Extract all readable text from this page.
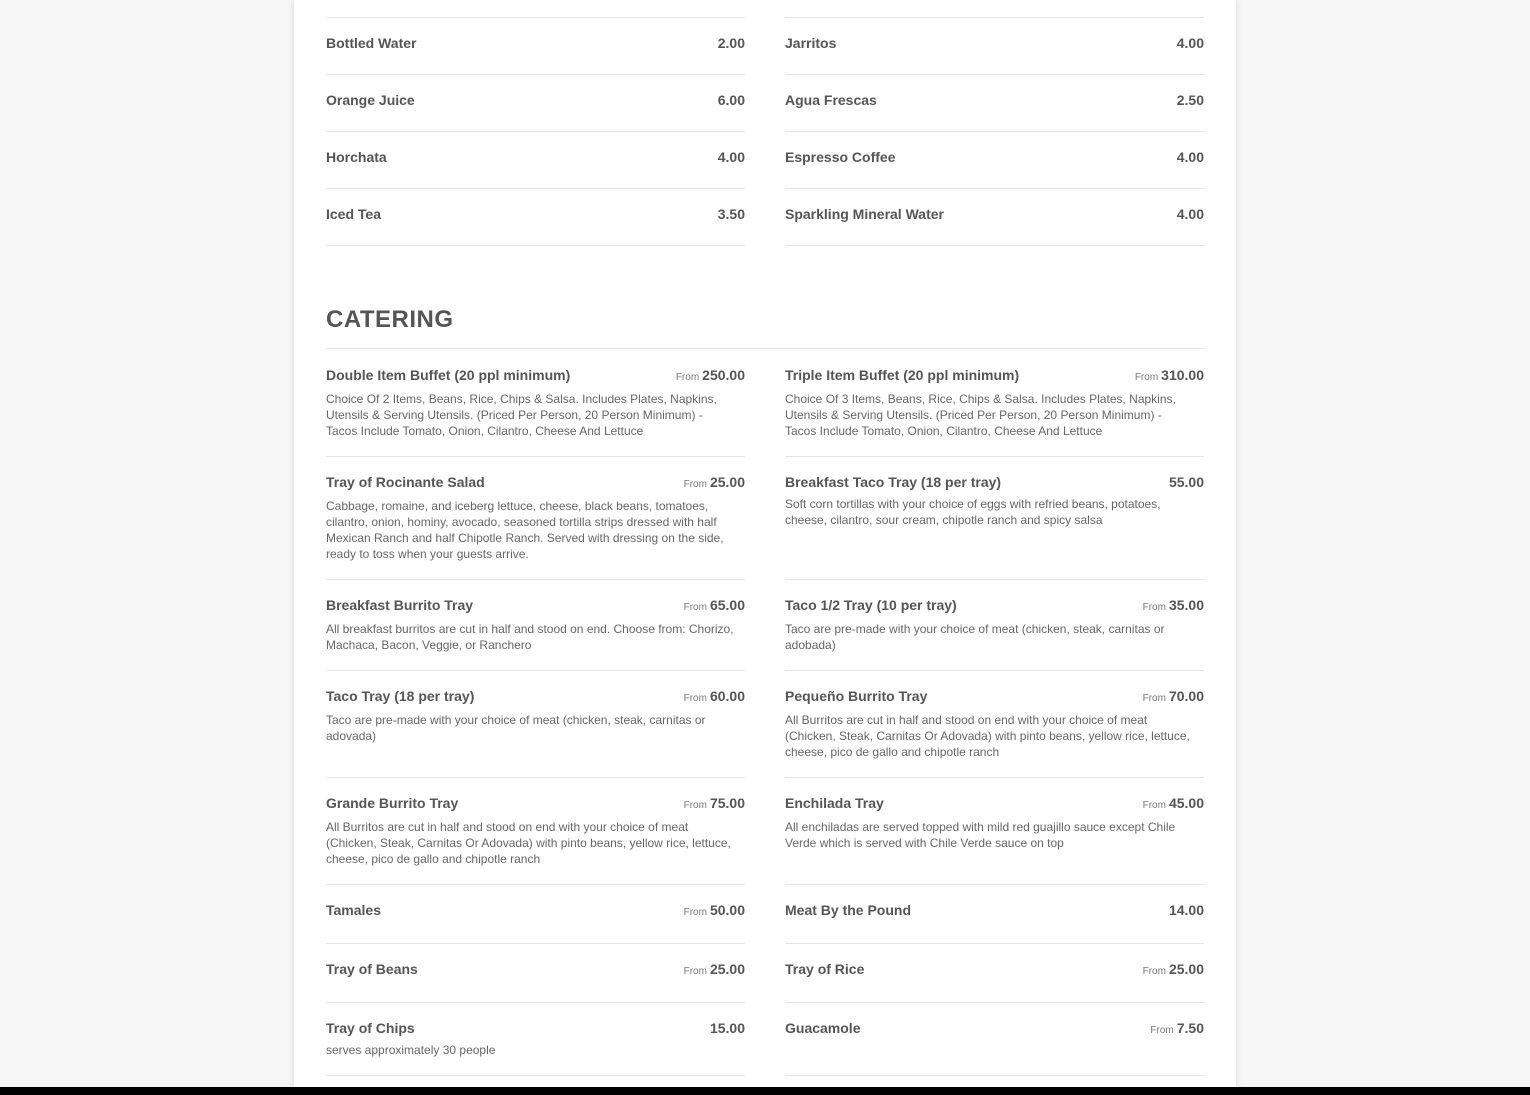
Bottled Water	2.00
Orange Juice	6.00
Horchata	4.00
Iced Tea	3.50
Jarritos	4.00
Agua Frescas	2.50
Espresso Coffee	4.00
Sparkling Mineral Water	4.00
CATERING
Double Item Buffet (20 ppl minimum)	From 250.00
Choice Of 2 Items, Beans, Rice, Chips & Salsa. Includes Plates, Napkins, Utensils & Serving Utensils. (Priced Per Person, 20 Person Minimum) - Tacos Include Tomato, Onion, Cilantro, Cheese And Lettuce
Tray of Rocinante Salad	From 25.00
Cabbage, romaine, and iceberg lettuce, cheese, black beans, tomatoes, cilantro, onion, hominy, avocado, seasoned tortilla strips dressed with half Mexican Ranch and half Chipotle Ranch. Served with dressing on the side, ready to toss when your guests arrive.
Breakfast Burrito Tray	From 65.00
All breakfast burritos are cut in half and stood on end. Choose from: Chorizo, Machaca, Bacon, Veggie, or Ranchero
Taco Tray (18 per tray)	From 60.00
Taco are pre-made with your choice of meat (chicken, steak, carnitas or adovada)
Grande Burrito Tray	From 75.00
All Burritos are cut in half and stood on end with your choice of meat (Chicken, Steak, Carnitas Or Adovada) with pinto beans, yellow rice, lettuce, cheese, pico de gallo and chipotle ranch
Tamales	From 50.00
Tray of Beans	From 25.00
Tray of Chips	15.00
serves approximately 30 people
Triple Item Buffet (20 ppl minimum)	From 310.00
Choice Of 3 Items, Beans, Rice, Chips & Salsa. Includes Plates, Napkins, Utensils & Serving Utensils. (Priced Per Person, 20 Person Minimum) - Tacos Include Tomato, Onion, Cilantro, Cheese And Lettuce
Breakfast Taco Tray (18 per tray)	55.00
Soft corn tortillas with your choice of eggs with refried beans, potatoes, cheese, cilantro, sour cream, chipotle ranch and spicy salsa
Taco 1/2 Tray (10 per tray)	From 35.00
Taco are pre-made with your choice of meat (chicken, steak, carnitas or adobada)
Pequeño Burrito Tray	From 70.00
All Burritos are cut in half and stood on end with your choice of meat (Chicken, Steak, Carnitas Or Adovada) with pinto beans, yellow rice, lettuce, cheese, pico de gallo and chipotle ranch
Enchilada Tray	From 45.00
All enchiladas are served topped with mild red guajillo sauce except Chile Verde which is served with Chile Verde sauce on top
Meat By the Pound	14.00
Tray of Rice	From 25.00
Guacamole	From 7.50
